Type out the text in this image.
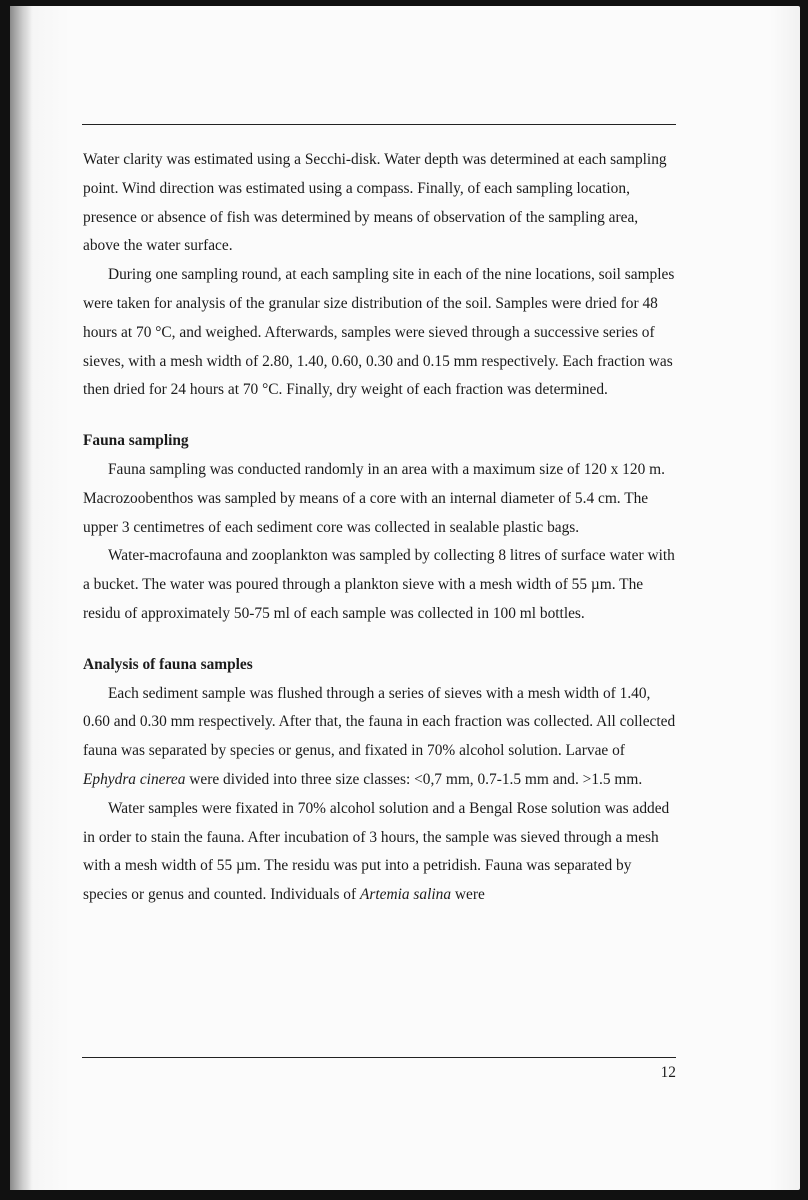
Water clarity was estimated using a Secchi-disk. Water depth was determined at each sampling point. Wind direction was estimated using a compass. Finally, of each sampling location, presence or absence of fish was determined by means of observation of the sampling area, above the water surface.

During one sampling round, at each sampling site in each of the nine locations, soil samples were taken for analysis of the granular size distribution of the soil. Samples were dried for 48 hours at 70 °C, and weighed. Afterwards, samples were sieved through a successive series of sieves, with a mesh width of 2.80, 1.40, 0.60, 0.30 and 0.15 mm respectively. Each fraction was then dried for 24 hours at 70 °C. Finally, dry weight of each fraction was determined.

Fauna sampling

Fauna sampling was conducted randomly in an area with a maximum size of 120 x 120 m. Macrozoobenthos was sampled by means of a core with an internal diameter of 5.4 cm. The upper 3 centimetres of each sediment core was collected in sealable plastic bags.

Water-macrofauna and zooplankton was sampled by collecting 8 litres of surface water with a bucket. The water was poured through a plankton sieve with a mesh width of 55 µm. The residu of approximately 50-75 ml of each sample was collected in 100 ml bottles.

Analysis of fauna samples

Each sediment sample was flushed through a series of sieves with a mesh width of 1.40, 0.60 and 0.30 mm respectively. After that, the fauna in each fraction was collected. All collected fauna was separated by species or genus, and fixated in 70% alcohol solution. Larvae of Ephydra cinerea were divided into three size classes: <0,7 mm, 0.7-1.5 mm and. >1.5 mm.

Water samples were fixated in 70% alcohol solution and a Bengal Rose solution was added in order to stain the fauna. After incubation of 3 hours, the sample was sieved through a mesh with a mesh width of 55 µm. The residu was put into a petridish. Fauna was separated by species or genus and counted. Individuals of Artemia salina were

12
